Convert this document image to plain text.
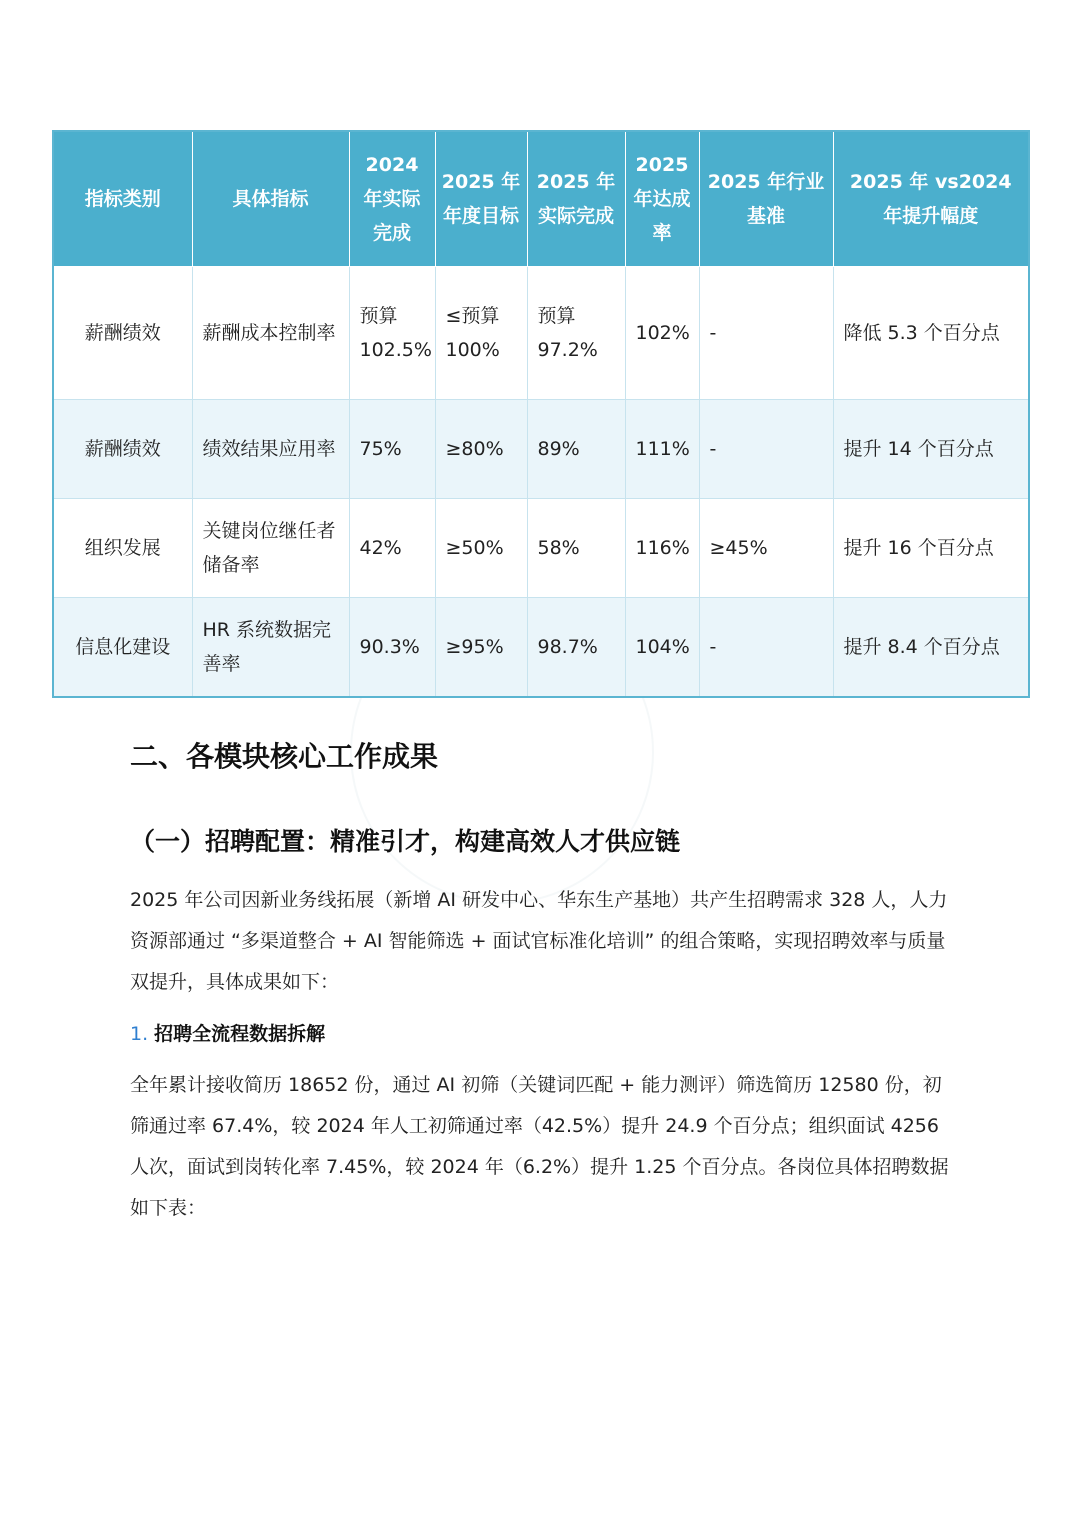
指标类别	具体指标	2024 年实际完成	2025 年年度目标	2025 年实际完成	2025 年达成率	2025 年行业基准	2025 年 vs2024 年提升幅度
薪酬绩效	薪酬成本控制率	预算 102.5%	≤预算 100%	预算 97.2%	102%	-	降低 5.3 个百分点
薪酬绩效	绩效结果应用率	75%	≥80%	89%	111%	-	提升 14 个百分点
组织发展	关键岗位继任者储备率	42%	≥50%	58%	116%	≥45%	提升 16 个百分点
信息化建设	HR 系统数据完善率	90.3%	≥95%	98.7%	104%	-	提升 8.4 个百分点
二、各模块核心工作成果
（一）招聘配置：精准引才，构建高效人才供应链

2025 年公司因新业务线拓展（新增 AI 研发中心、华东生产基地）共产生招聘需求 328 人，人力资源部通过 “多渠道整合 + AI 智能筛选 + 面试官标准化培训” 的组合策略，实现招聘效率与质量双提升，具体成果如下：

1. 招聘全流程数据拆解

全年累计接收简历 18652 份，通过 AI 初筛（关键词匹配 + 能力测评）筛选简历 12580 份，初筛通过率 67.4%，较 2024 年人工初筛通过率（42.5%）提升 24.9 个百分点；组织面试 4256 人次，面试到岗转化率 7.45%，较 2024 年（6.2%）提升 1.25 个百分点。各岗位具体招聘数据如下表：
